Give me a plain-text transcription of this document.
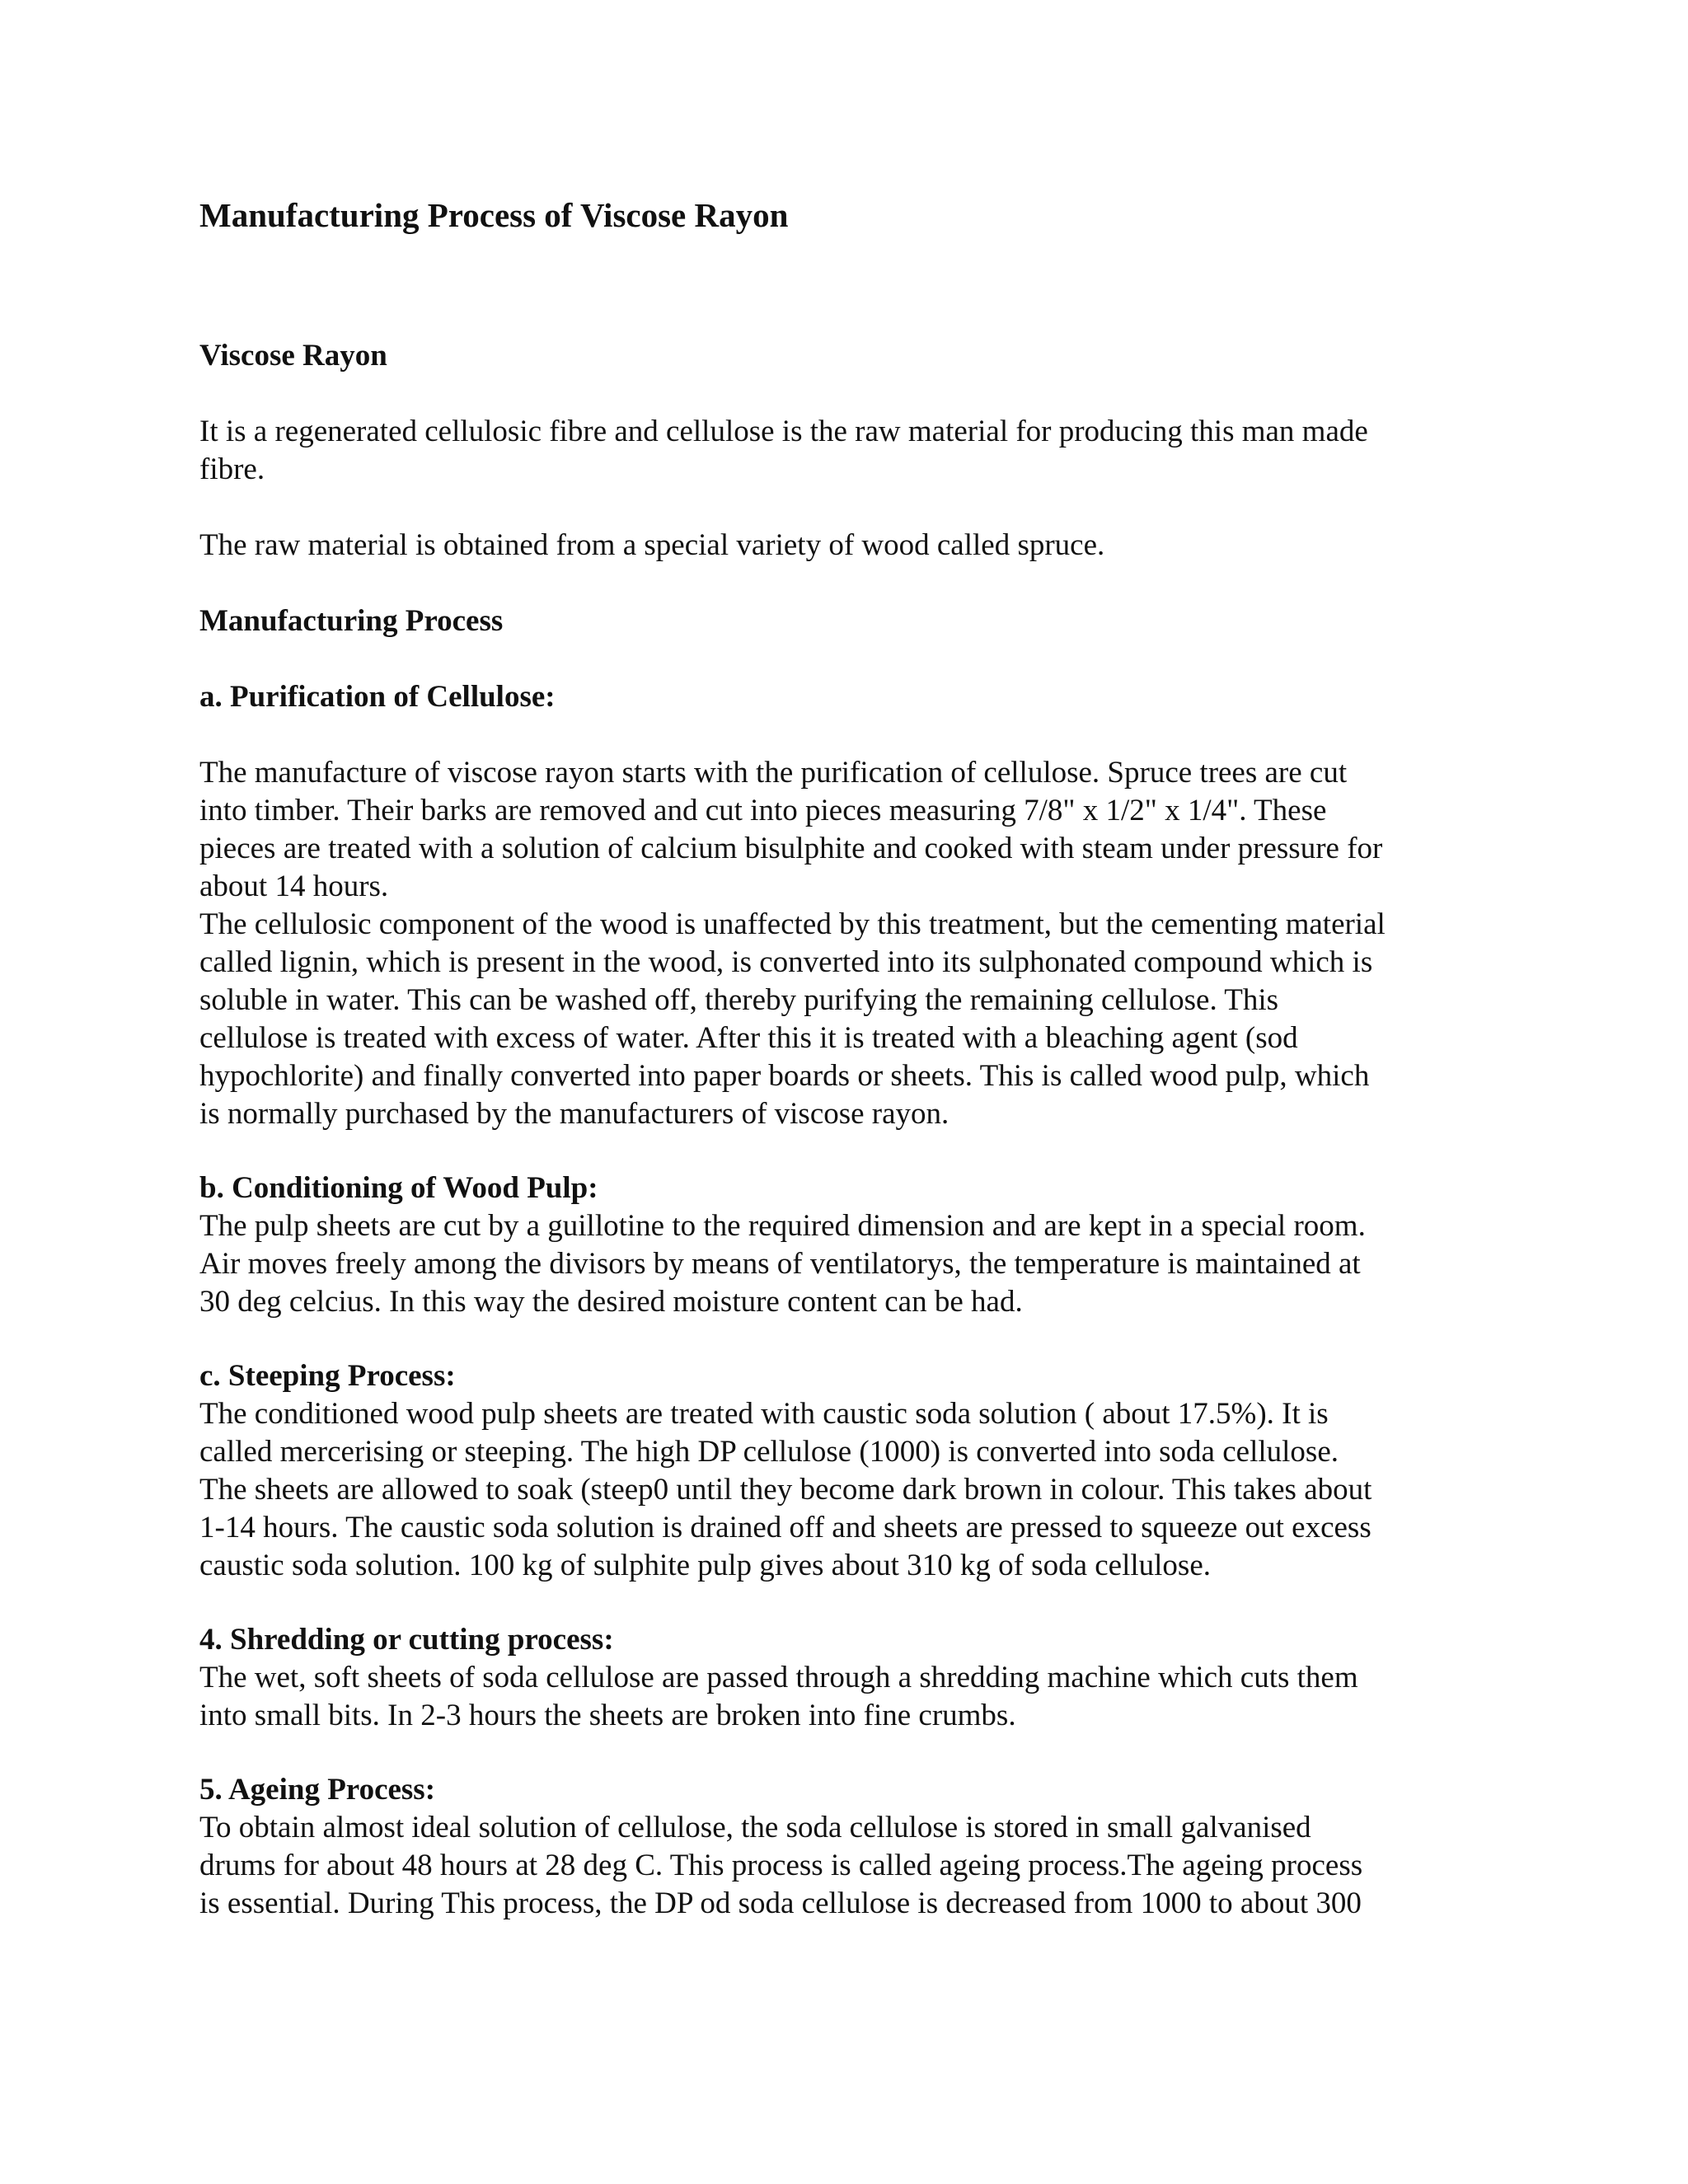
Manufacturing Process of Viscose Rayon
Viscose Rayon
It is a regenerated cellulosic fibre and cellulose is the raw material for producing this man made
fibre.
The raw material is obtained from a special variety of wood called spruce.
Manufacturing Process
a. Purification of Cellulose:
The manufacture of viscose rayon starts with the purification of cellulose. Spruce trees are cut
into timber. Their barks are removed and cut into pieces measuring 7/8" x 1/2" x 1/4". These
pieces are treated with a solution of calcium bisulphite and cooked with steam under pressure for
about 14 hours.
The cellulosic component of the wood is unaffected by this treatment, but the cementing material
called lignin, which is present in the wood, is converted into its sulphonated compound which is
soluble in water. This can be washed off, thereby purifying the remaining cellulose. This
cellulose is treated with excess of water. After this it is treated with a bleaching agent (sod
hypochlorite) and finally converted into paper boards or sheets. This is called wood pulp, which
is normally purchased by the manufacturers of viscose rayon.
b. Conditioning of Wood Pulp:
The pulp sheets are cut by a guillotine to the required dimension and are kept in a special room.
Air moves freely among the divisors by means of ventilatorys, the temperature is maintained at
30 deg celcius. In this way the desired moisture content can be had.
c. Steeping Process:
The conditioned wood pulp sheets are treated with caustic soda solution ( about 17.5%). It is
called mercerising or steeping. The high DP cellulose (1000) is converted into soda cellulose.
The sheets are allowed to soak (steep0 until they become dark brown in colour. This takes about
1-14 hours. The caustic soda solution is drained off and sheets are pressed to squeeze out excess
caustic soda solution. 100 kg of sulphite pulp gives about 310 kg of soda cellulose.
4. Shredding or cutting process:
The wet, soft sheets of soda cellulose are passed through a shredding machine which cuts them
into small bits. In 2-3 hours the sheets are broken into fine crumbs.
5. Ageing Process:
To obtain almost ideal solution of cellulose, the soda cellulose is stored in small galvanised
drums for about 48 hours at 28 deg C. This process is called ageing process.The ageing process
is essential. During This process, the DP od soda cellulose is decreased from 1000 to about 300
